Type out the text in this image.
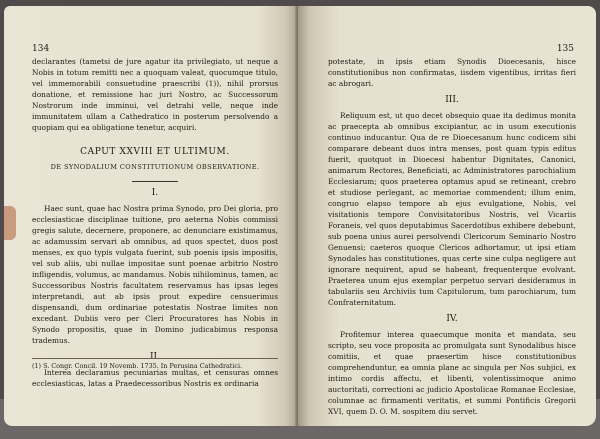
134

declarantes (tametsi de jure agatur ita privilegiato, ut neque a Nobis in totum remitti nec a quoquam valeat, quocumque titulo, vel immemorabili consuetudine praescribi (1)), nihil prorsus donatione, et remissione hac juri Nostro, ac Successorum Nostrorum inde imminui, vel detrahi velle, neque inde immunitatem ullam a Cathedratico in posterum persolvendo a quopiam qui ea obligatione tenetur, acquiri.

CAPUT XXVIII ET ULTIMUM.
DE SYNODALIUM CONSTITUTIONUM OBSERVATIONE.
I.

Haec sunt, quae hac Nostra prima Synodo, pro Dei gloria, pro ecclesiasticae disciplinae tuitione, pro aeterna Nobis commissi gregis salute, decernere, proponere, ac denunciare existimamus, ac adamussim servari ab omnibus, ad quos spectet, duos post menses, ex quo typis vulgata fuerint, sub poenis ipsis impositis, vel sub aliis, ubi nullae impositae sunt poenae arbitrio Nostro infligendis, volumus, ac mandamus. Nobis nihilominus, tamen, ac Successoribus Nostris facultatem reservamus has ipsas leges interpretandi, aut ab ipsis prout expedire censuerimus dispensandi, dum ordinariae potestatis Nostrae limites non excedant. Dubiis vero per Cleri Procuratores has Nobis in Synodo propositis, quae in Domino judicabimus responsa trademus.

II.

Interea declaramus pecuniarias multas, et censuras omnes ecclesiasticas, latas a Praedecessoribus Nostris ex ordinaria

(1) S. Congr. Concil. 19 Novemb. 1735. In Perusina Cathedratici.
135

potestate, in ipsis etiam Synodis Dioecesanis, hisce constitutionibus non confirmatas, iisdem vigentibus, irritas fieri ac abrogari.

III.

Reliquum est, ut quo decet obsequio quae ita dedimus monita ac praecepta ab omnibus excipiantur, ac in usum executionis continuo inducantur. Qua de re Dioecesanum hunc codicem sibi comparare debeant duos intra menses, post quam typis editus fuerit, quotquot in Dioecesi habentur Dignitates, Canonici, animarum Rectores, Beneficiati, ac Administratores parochialium Ecclesiarum; quos praeterea optamus apud se retineant, crebro et studiose perlegant, ac memoriae commendent; illum enim, congruo elapso tempore ab ejus evulgatione, Nobis, vel visitationis tempore Convisitatoribus Nostris, vel Vicariis Foraneis, vel quos deputabimus Sacerdotibus exhibere debebunt, sub poena unius aurei persolvendi Clericorum Seminario Nostro Genuensi; caeteros quoque Clericos adhortamur, ut ipsi etiam Synodales has constitutiones, quas certe sine culpa negligere aut ignorare nequirent, apud se habeant, frequenterque evolvant. Praeterea unum ejus exemplar perpetuo servari desideramus in tabulariis seu Archiviis tum Capitulorum, tum parochiarum, tum Confraternitatum.

IV.

Profitemur interea quaecumque monita et mandata, seu scripto, seu voce proposita ac promulgata sunt Synodalibus hisce comitiis, et quae praesertim hisce constitutionibus comprehenduntur, ea omnia plane ac singula per Nos subjici, ex intimo cordis affectu, et libenti, volentissimoque animo auctoritati, correctioni ac judicio Apostolicae Romanae Ecclesiae, columnae ac firmamenti veritatis, et summi Pontificis Gregorii XVI, quem D. O. M. sospitem diu servet.
